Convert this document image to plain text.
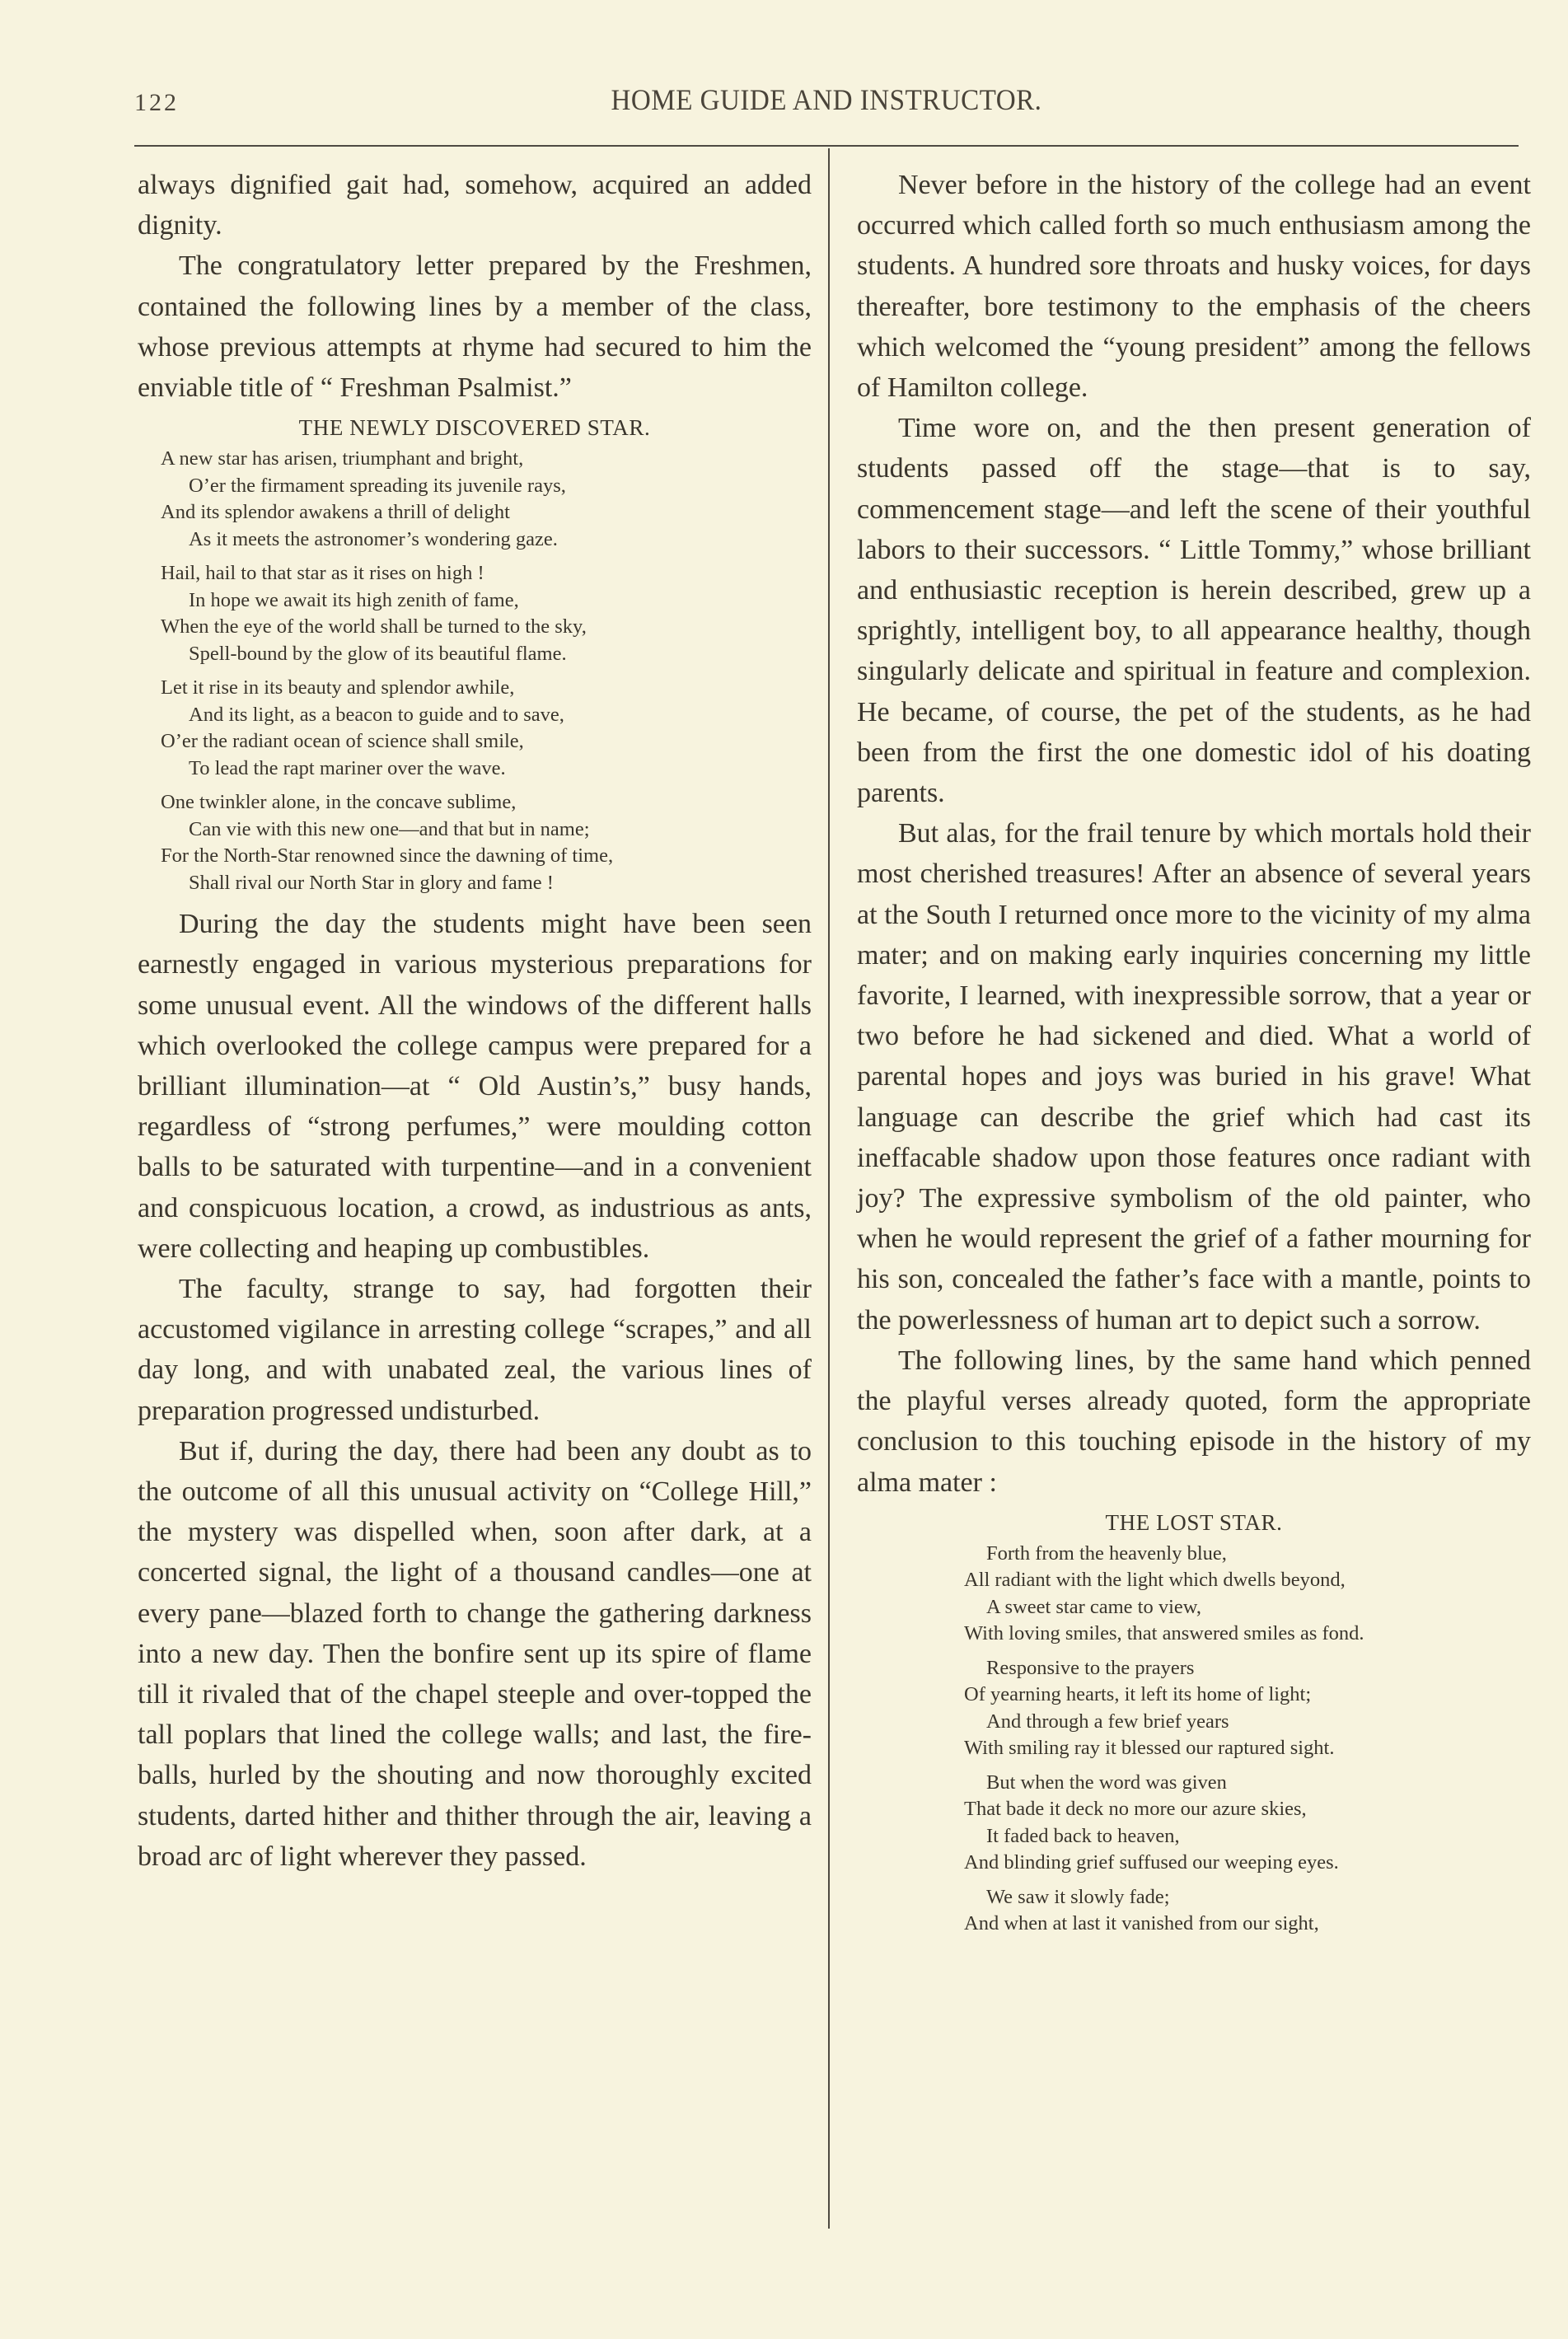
122	HOME GUIDE AND INSTRUCTOR.

always dignified gait had, somehow, acquired an added dignity.

The congratulatory letter prepared by the Freshmen, contained the following lines by a member of the class, whose previous attempts at rhyme had secured to him the enviable title of “ Freshman Psalmist.”

THE NEWLY DISCOVERED STAR.
A new star has arisen, triumphant and bright,
O’er the firmament spreading its juvenile rays,
And its splendor awakens a thrill of delight
As it meets the astronomer’s wondering gaze.
Hail, hail to that star as it rises on high !
In hope we await its high zenith of fame,
When the eye of the world shall be turned to the sky,
Spell-bound by the glow of its beautiful flame.
Let it rise in its beauty and splendor awhile,
And its light, as a beacon to guide and to save,
O’er the radiant ocean of science shall smile,
To lead the rapt mariner over the wave.
One twinkler alone, in the concave sublime,
Can vie with this new one—and that but in name;
For the North-Star renowned since the dawning of time,
Shall rival our North Star in glory and fame !

During the day the students might have been seen earnestly engaged in various mysterious preparations for some unusual event. All the windows of the different halls which overlooked the college campus were prepared for a brilliant illumination—at “ Old Austin’s,” busy hands, regardless of “strong perfumes,” were moulding cotton balls to be saturated with turpentine—and in a convenient and conspicuous location, a crowd, as industrious as ants, were collecting and heaping up combustibles.

The faculty, strange to say, had forgotten their accustomed vigilance in arresting college “scrapes,” and all day long, and with unabated zeal, the various lines of preparation progressed undisturbed.

But if, during the day, there had been any doubt as to the outcome of all this unusual activity on “College Hill,” the mystery was dispelled when, soon after dark, at a concerted signal, the light of a thousand candles—one at every pane—blazed forth to change the gathering darkness into a new day. Then the bonfire sent up its spire of flame till it rivaled that of the chapel steeple and over-topped the tall poplars that lined the college walls; and last, the fire-balls, hurled by the shouting and now thoroughly excited students, darted hither and thither through the air, leaving a broad arc of light wherever they passed.

Never before in the history of the college had an event occurred which called forth so much enthusiasm among the students. A hundred sore throats and husky voices, for days thereafter, bore testimony to the emphasis of the cheers which welcomed the “young president” among the fellows of Hamilton college.

Time wore on, and the then present generation of students passed off the stage—that is to say, commencement stage—and left the scene of their youthful labors to their successors. “ Little Tommy,” whose brilliant and enthusiastic reception is herein described, grew up a sprightly, intelligent boy, to all appearance healthy, though singularly delicate and spiritual in feature and complexion. He became, of course, the pet of the students, as he had been from the first the one domestic idol of his doating parents.

But alas, for the frail tenure by which mortals hold their most cherished treasures! After an absence of several years at the South I returned once more to the vicinity of my alma mater; and on making early inquiries concerning my little favorite, I learned, with inexpressible sorrow, that a year or two before he had sickened and died. What a world of parental hopes and joys was buried in his grave! What language can describe the grief which had cast its ineffacable shadow upon those features once radiant with joy? The expressive symbolism of the old painter, who when he would represent the grief of a father mourning for his son, concealed the father’s face with a mantle, points to the powerlessness of human art to depict such a sorrow.

The following lines, by the same hand which penned the playful verses already quoted, form the appropriate conclusion to this touching episode in the history of my alma mater :

THE LOST STAR.
Forth from the heavenly blue,
All radiant with the light which dwells beyond,
A sweet star came to view,
With loving smiles, that answered smiles as fond.
Responsive to the prayers
Of yearning hearts, it left its home of light;
And through a few brief years
With smiling ray it blessed our raptured sight.
But when the word was given
That bade it deck no more our azure skies,
It faded back to heaven,
And blinding grief suffused our weeping eyes.
We saw it slowly fade;
And when at last it vanished from our sight,
